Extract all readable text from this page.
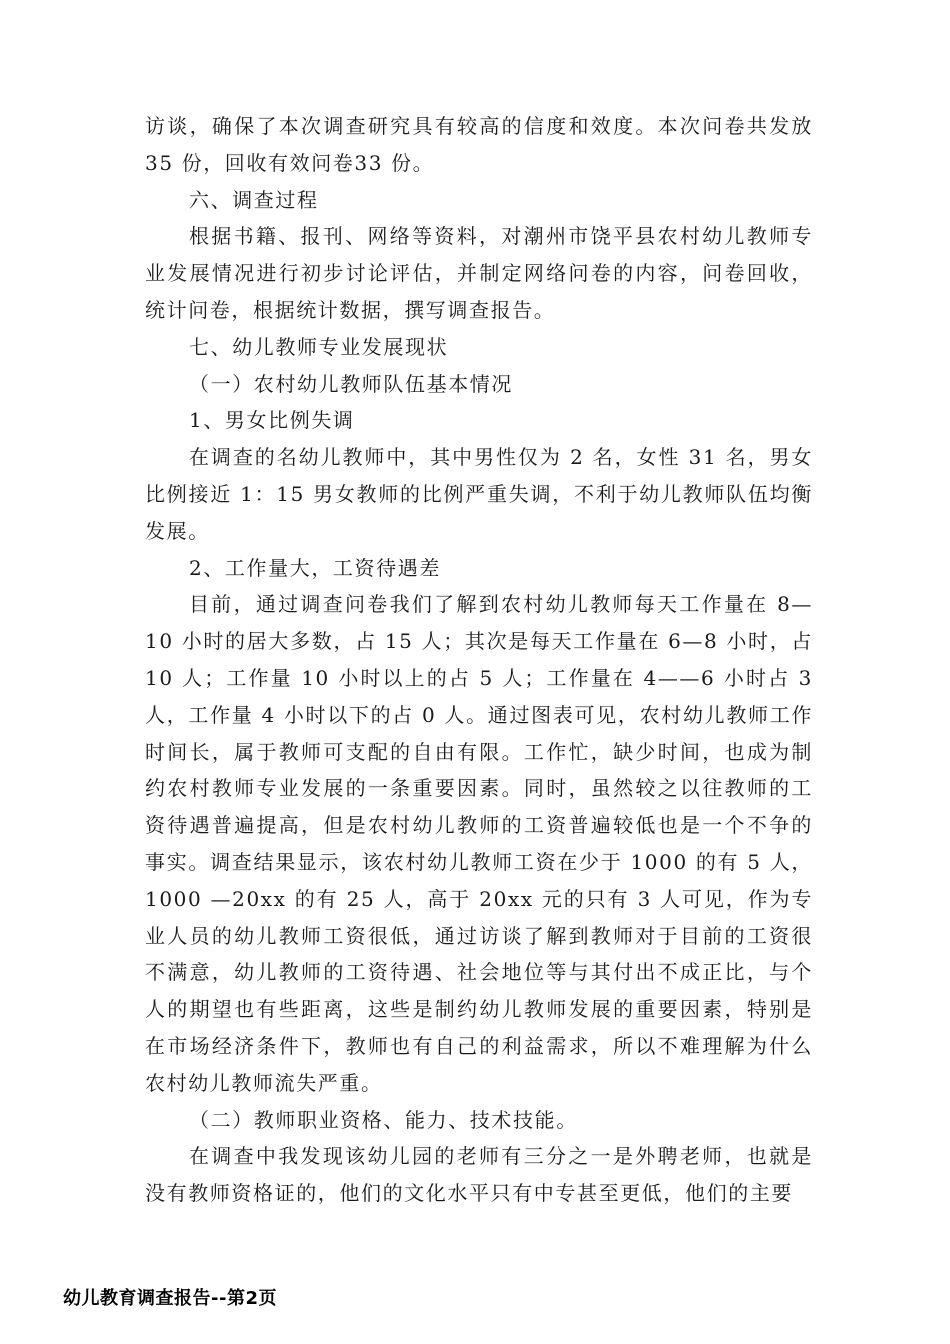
访谈，确保了本次调查研究具有较高的信度和效度。本次问卷共发放35 份，回收有效问卷33 份。

六、调查过程

根据书籍、报刊、网络等资料，对潮州市饶平县农村幼儿教师专业发展情况进行初步讨论评估，并制定网络问卷的内容，问卷回收，统计问卷，根据统计数据，撰写调查报告。

七、幼儿教师专业发展现状

（一）农村幼儿教师队伍基本情况

1、男女比例失调

在调查的名幼儿教师中，其中男性仅为 2 名，女性 31 名，男女比例接近 1：15 男女教师的比例严重失调，不利于幼儿教师队伍均衡发展。

2、工作量大，工资待遇差

目前，通过调查问卷我们了解到农村幼儿教师每天工作量在 8—10 小时的居大多数，占 15 人；其次是每天工作量在 6—8 小时，占10 人；工作量 10 小时以上的占 5 人；工作量在 4——6 小时占 3 人，工作量 4 小时以下的占 0 人。通过图表可见，农村幼儿教师工作时间长，属于教师可支配的自由有限。工作忙，缺少时间，也成为制约农村教师专业发展的一条重要因素。同时，虽然较之以往教师的工资待遇普遍提高，但是农村幼儿教师的工资普遍较低也是一个不争的事实。调查结果显示，该农村幼儿教师工资在少于 1000 的有 5 人，1000 —20xx 的有 25 人，高于 20xx 元的只有 3 人可见，作为专业人员的幼儿教师工资很低，通过访谈了解到教师对于目前的工资很不满意，幼儿教师的工资待遇、社会地位等与其付出不成正比，与个人的期望也有些距离，这些是制约幼儿教师发展的重要因素，特别是在市场经济条件下，教师也有自己的利益需求，所以不难理解为什么农村幼儿教师流失严重。

（二）教师职业资格、能力、技术技能。

在调查中我发现该幼儿园的老师有三分之一是外聘老师，也就是没有教师资格证的，他们的文化水平只有中专甚至更低，他们的主要

幼儿教育调查报告--第2页
